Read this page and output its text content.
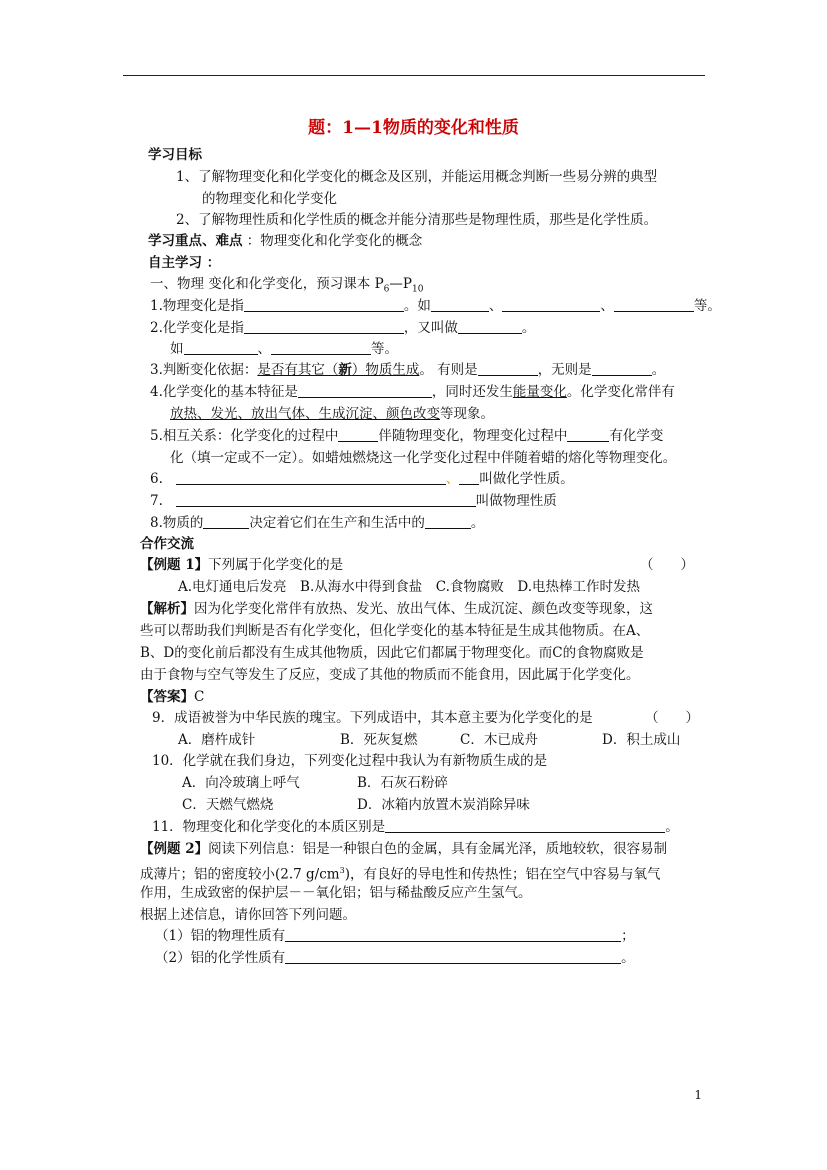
题：1—1物质的变化和性质
学习目标
1、了解物理变化和化学变化的概念及区别，并能运用概念判断一些易分辨的典型
的物理变化和化学变化
2、了解物理性质和化学性质的概念并能分清那些是物理性质，那些是化学性质。
学习重点、难点 ：物理变化和化学变化的概念
自主学习 ：
一、物理 变化和化学变化，预习课本 $P_6—P_{10}$
1.物理变化是指	。如	、	、	等。
2.化学变化是指	，又叫做	。
如	、	等。
3.判断变化依据：是否有其它（新）物质生成。 有则是	，无则是	。
4.化学变化的基本特征是	，同时还发生能量变化。化学变化常伴有
放热、发光、放出气体、生成沉淀、颜色改变等现象。
5.相互关系：化学变化的过程中	伴随物理变化，物理变化过程中	有化学变
化（填一定或不一定）。如蜡烛燃烧这一化学变化过程中伴随着蜡的熔化等物理变化。
6.	、 叫做化学性质。
7.	叫做物理性质
8.物质的	决定着它们在生产和生活中的	。
合作交流
【例题 1】下列属于化学变化的是	（　　）
A.电灯通电后发亮　B.从海水中得到食盐　C.食物腐败　D.电热棒工作时发热
【解析】因为化学变化常伴有放热、发光、放出气体、生成沉淀、颜色改变等现象，这
些可以帮助我们判断是否有化学变化，但化学变化的基本特征是生成其他物质。在A、
B、D的变化前后都没有生成其他物质，因此它们都属于物理变化。而C的食物腐败是
由于食物与空气等发生了反应，变成了其他的物质而不能食用，因此属于化学变化。
【答案】C
9．成语被誉为中华民族的瑰宝。下列成语中，其本意主要为化学变化的是	（　　）
A．磨杵成针	B．死灰复燃	C．木已成舟	D．积土成山
10．化学就在我们身边，下列变化过程中我认为有新物质生成的是
A．向冷玻璃上呼气	B．石灰石粉碎
C．天燃气燃烧	D．冰箱内放置木炭消除异味
11．物理变化和化学变化的本质区别是	。
【例题 2】阅读下列信息：铝是一种银白色的金属，具有金属光泽，质地较软，很容易制
成薄片；铝的密度较小(2.7 $g/cm^3$)，有良好的导电性和传热性；铝在空气中容易与氧气
作用，生成致密的保护层－－氧化铝；铝与稀盐酸反应产生氢气。
根据上述信息，请你回答下列问题。
（1）铝的物理性质有	；
（2）铝的化学性质有	。
1
